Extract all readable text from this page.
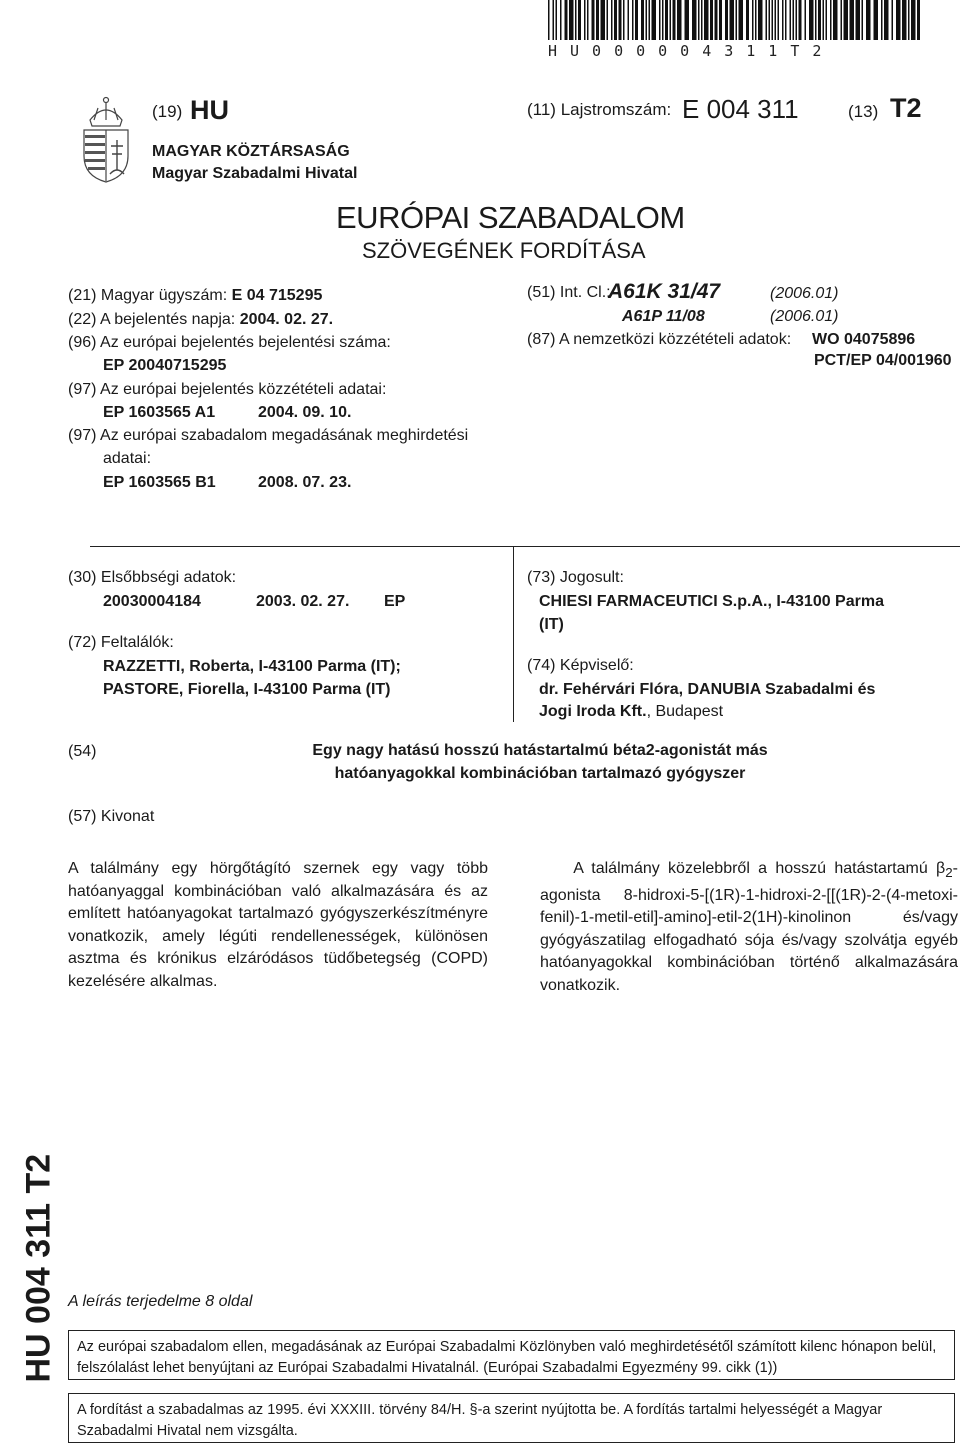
HU000004311T2
(19) HU
MAGYAR KÖZTÁRSASÁG
Magyar Szabadalmi Hivatal
(11) Lajstromszám: E 004 311	(13) T2
EURÓPAI SZABADALOM
SZÖVEGÉNEK FORDÍTÁSA
(21) Magyar ügyszám: E 04 715295
(22) A bejelentés napja: 2004. 02. 27.
(96) Az európai bejelentés bejelentési száma:
EP 20040715295
(97) Az európai bejelentés közzétételi adatai:
EP 1603565 A1	2004. 09. 10.
(97) Az európai szabadalom megadásának meghirdetési
adatai:
EP 1603565 B1	2008. 07. 23.
(51) Int. Cl.:
A61K 31/47	(2006.01)
A61P 11/08	(2006.01)
(87) A nemzetközi közzétételi adatok: WO 04075896
PCT/EP 04/001960
(30) Elsőbbségi adatok:
20030004184	2003. 02. 27. EP
(72) Feltalálók:
RAZZETTI, Roberta, I-43100 Parma (IT);
PASTORE, Fiorella, I-43100 Parma (IT)
(73) Jogosult:
CHIESI FARMACEUTICI S.p.A., I-43100 Parma
(IT)
(74) Képviselő:
dr. Fehérvári Flóra, DANUBIA Szabadalmi és
Jogi Iroda Kft., Budapest
(54)	Egy nagy hatású hosszú hatástartalmú béta2-agonistát más
hatóanyagokkal kombinációban tartalmazó gyógyszer
(57) Kivonat
A találmány egy hörgőtágító szernek egy vagy több hatóanyaggal kombinációban való alkalmazására és az említett hatóanyagokat tartalmazó gyógyszerkészítményre vonatkozik, amely légúti rendellenességek, különösen asztma és krónikus elzáródásos tüdőbetegség (COPD) kezelésére alkalmas.
A találmány közelebbről a hosszú hatástartamú $\beta_2$-agonista 8-hidroxi-5-[(1R)-1-hidroxi-2-[[(1R)-2-(4-metoxi-fenil)-1-metil-etil]-amino]-etil-2(1H)-kinolinon és/vagy gyógyászatilag elfogadható sója és/vagy szolvátja egyéb hatóanyagokkal kombinációban történő alkalmazására vonatkozik.
HU 004 311 T2 A leírás terjedelme 8 oldal
Az európai szabadalom ellen, megadásának az Európai Szabadalmi Közlönyben való meghirdetésétől számított kilenc hónapon belül, felszólalást lehet benyújtani az Európai Szabadalmi Hivatalnál. (Európai Szabadalmi Egyezmény 99. cikk (1))
A fordítást a szabadalmas az 1995. évi XXXIII. törvény 84/H. §-a szerint nyújtotta be. A fordítás tartalmi helyességét a Magyar Szabadalmi Hivatal nem vizsgálta.
